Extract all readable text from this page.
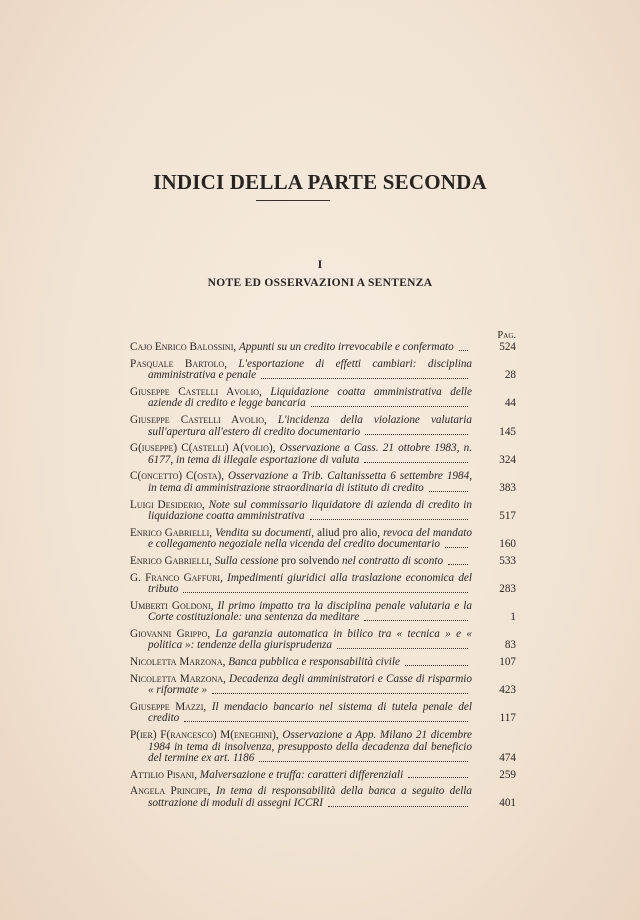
INDICI DELLA PARTE SECONDA
I
NOTE ED OSSERVAZIONI A SENTENZA
Pag.
Cajo Enrico Balossini, Appunti su un credito irrevocabile e confermato	524
Pasquale Bartolo, L'esportazione di effetti cambiari: disciplina amministrativa e penale	28
Giuseppe Castelli Avolio, Liquidazione coatta amministrativa delle aziende di credito e legge bancaria	44
Giuseppe Castelli Avolio, L'incidenza della violazione valutaria sull'apertura all'estero di credito documentario	145
G(iuseppe) C(astelli) A(volio), Osservazione a Cass. 21 ottobre 1983, n. 6177, in tema di illegale esportazione di valuta	324
C(oncetto) C(osta), Osservazione a Trib. Caltanissetta 6 settembre 1984, in tema di amministrazione straordinaria di istituto di credito	383
Luigi Desiderio, Note sul commissario liquidatore di azienda di credito in liquidazione coatta amministrativa	517
Enrico Gabrielli, Vendita su documenti, aliud pro alio, revoca del mandato e collegamento negoziale nella vicenda del credito documentario	160
Enrico Gabrielli, Sulla cessione pro solvendo nel contratto di sconto	533
G. Franco Gaffuri, Impedimenti giuridici alla traslazione economica del tributo	283
Umberti Goldoni, Il primo impatto tra la disciplina penale valutaria e la Corte costituzionale: una sentenza da meditare	1
Giovanni Grippo, La garanzia automatica in bilico tra « tecnica » e « politica »: tendenze della giurisprudenza	83
Nicoletta Marzona, Banca pubblica e responsabilità civile	107
Nicoletta Marzona, Decadenza degli amministratori e Casse di risparmio « riformate »	423
Giuseppe Mazzi, Il mendacio bancario nel sistema di tutela penale del credito	117
P(ier) F(rancesco) M(eneghini), Osservazione a App. Milano 21 dicembre 1984 in tema di insolvenza, presupposto della decadenza dal beneficio del termine ex art. 1186	474
Attilio Pisani, Malversazione e truffa: caratteri differenziali	259
Angela Principe, In tema di responsabilità della banca a seguito della sottrazione di moduli di assegni ICCRI	401
